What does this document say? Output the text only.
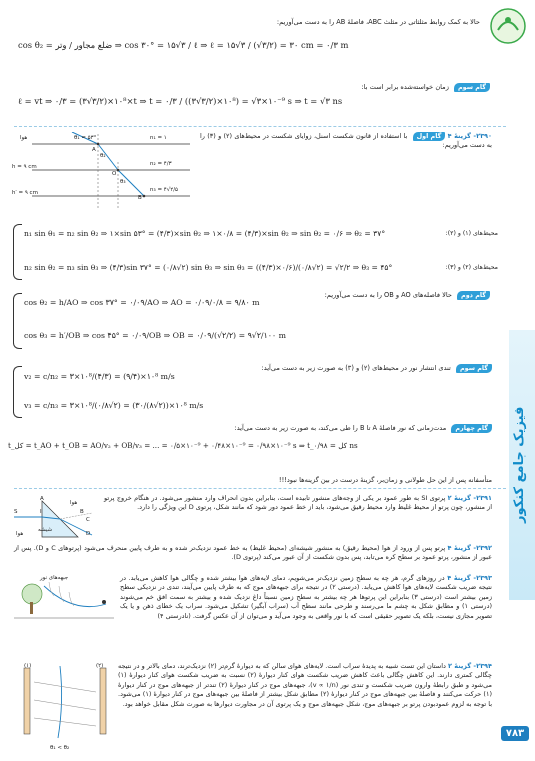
حالا به کمک روابط مثلثاتی در مثلث ABC، فاصلهٔ AB را به دست می‌آوریم:
cos θ₂ = ضلع مجاور / وتر ⇒ cos ۳۰° = ۱۵√۳ / ℓ ⇒ ℓ = ۱۵√۳ / (√۳/۲) = ۳۰ cm = ۰/۳ m
گام سوم زمان خواسته‌شده برابر است با:
ℓ = vt ⇒ ۰/۳ = (۳√۳/۲)×۱۰⁸×t ⇒ t = ۰/۳ / ((۳√۳/۲)×۱۰⁸) = √۳×۱۰⁻⁹ s ⇒ t = √۳ ns
هوا	θ₁ = ۵۳°	n₁ = ۱
n₂ = ۴/۳
n₃ = ۴√۲/۵
h = ۹ cm
h′ = ۹ cm
A
O
B
θ₂
θ₃
۲۳۹۰- گزینهٔ ۴ گام اول با استفاده از قانون شکست اسنل، زوایای شکست در محیط‌های (۲) و (۳) را به دست می‌آوریم:
n₁ sin θ₁ = n₂ sin θ₂ ⇒ ۱×sin ۵۳° = (۴/۳)×sin θ₂ ⇒ ۱×۰/۸ = (۴/۳)×sin θ₂ ⇒ sin θ₂ = ۰/۶ ⇒ θ₂ = ۳۷°	محیط‌های (۱) و (۲):
n₂ sin θ₂ = n₃ sin θ₃ ⇒ (۴/۳)sin ۳۷° = (۰/۸√۲) sin θ₃ ⇒ sin θ₃ = ((۴/۳)×۰/۶)/(۰/۸√۲) = √۲/۲ ⇒ θ₃ = ۴۵°	محیط‌های (۲) و (۳):
گام دوم حالا فاصله‌های AO و OB را به دست می‌آوریم:
cos θ₂ = h/AO ⇒ cos ۳۷° = ۰/۰۹/AO ⇒ AO = ۰/۰۹/۰/۸ = ۹/۸۰ m
cos θ₃ = h′/OB ⇒ cos ۴۵° = ۰/۰۹/OB ⇒ OB = ۰/۰۹/(√۲/۲) = ۹√۲/۱۰۰ m
گام سوم تندی انتشار نور در محیط‌های (۲) و (۳) به صورت زیر به دست می‌آید:
v₂ = c/n₂ = ۳×۱۰⁸/(۴/۳) = (۹/۴)×۱۰⁸ m/s
v₃ = c/n₃ = ۳×۱۰⁸/(۰/۸√۲) = (۳۰/(۸√۲))×۱۰⁸ m/s
گام چهارم مدت‌زمانی که نور فاصلهٔ A تا B را طی می‌کند، به صورت زیر به دست می‌آید:
t_کل = t_AO + t_OB = AO/v₂ + OB/v₃ = ... = ۰/۵×۱۰⁻⁹ + ۰/۴۸×۱۰⁻⁹ = ۰/۹۸×۱۰⁻⁹ s ⇒ t_کل = ۰/۹۸ ns
متأسفانه پس از این حل طولانی و زمان‌بر، گزینهٔ درست در بین گزینه‌ها نبود!!!
S	I
A
B
C
D
هوا
هوا
شیشه
۲۳۹۱- گزینهٔ ۲ پرتوی SI به طور عمود بر یکی از وجه‌های منشور تابیده است، بنابراین بدون انحراف وارد منشور می‌شود. در هنگام خروج پرتو از منشور، چون پرتو از محیط غلیظ وارد محیط رقیق می‌شود، باید از خط عمود دور شود که مانند شکل، پرتوی D این ویژگی را دارد.
۲۳۹۲- گزینهٔ ۴ پرتو پس از ورود از هوا (محیط رقیق) به منشور شیشه‌ای (محیط غلیظ) به خط عمود نزدیک‌تر شده و به طرف پایین منحرف می‌شود (پرتوهای C و D). پس از عبور از منشور، پرتو عمود بر سطح کره می‌تابد، پس بدون شکست از آن عبور می‌کند (پرتوی D).
جبهه‌های نور	۲۳۹۳- گزینهٔ ۴ در روزهای گرم، هر چه به سطح زمین نزدیک‌تر می‌شویم، دمای لایه‌های هوا بیشتر شده و چگالی هوا کاهش می‌یابد. در نتیجه ضریب شکست لایه‌های هوا کاهش می‌یابد. (درستی ۲) در نتیجه برای جبهه‌های موج که به طرف پایین می‌آیند، تندی در نزدیکی سطح زمین بیشتر است (درستی ۳) بنابراین این پرتوها هر چه بیشتر به سطح زمین نسبتاً داغ نزدیک شده و بیشتر به سمت افق خم می‌شوند (درستی ۱) و مطابق شکل به چشم ما می‌رسند و طرحی مانند سطح آب (سراب آبگیر) تشکیل می‌شود. سراب یک خطای ذهن و یا یک تصویر مجازی نیست، بلکه یک تصویر حقیقی است که با نور واقعی به وجود می‌آید و می‌توان از آن عکس گرفت. (نادرستی ۴)
(۱)	(۲)
θ₁ < θ₂
۲۳۹۴- گزینهٔ ۲ داستان این تست شبیه به پدیدهٔ سراب است. لایه‌های هوای سالن که به دیوارهٔ گرم‌تر (۲) نزدیک‌ترند، دمای بالاتر و در نتیجه چگالی کمتری دارند. این کاهش چگالی باعث کاهش ضریب شکست هوای کنار دیوارهٔ (۲) نسبت به ضریب شکست هوای کنار دیوارهٔ (۱) می‌شود و طبق رابطهٔ وارون ضریب شکست و تندی نور (v ∝ ۱/n)، جبهه‌های موج در کنار دیوارهٔ (۲) تندتر از جبهه‌های موج در کنار دیوارهٔ (۱) حرکت می‌کنند و فاصلهٔ بین جبهه‌های موج در کنار دیوارهٔ (۲) مطابق شکل بیشتر از فاصلهٔ بین جبهه‌های موج در کنار دیوارهٔ (۱) می‌شود. با توجه به لزوم عمودبودن پرتو بر جبهه‌های موج، شکل جبهه‌های موج و یک پرتوی آن در مجاورت دیوارها به صورت شکل مقابل خواهد بود.
فیزیک جامع کنکور
۷۸۳
